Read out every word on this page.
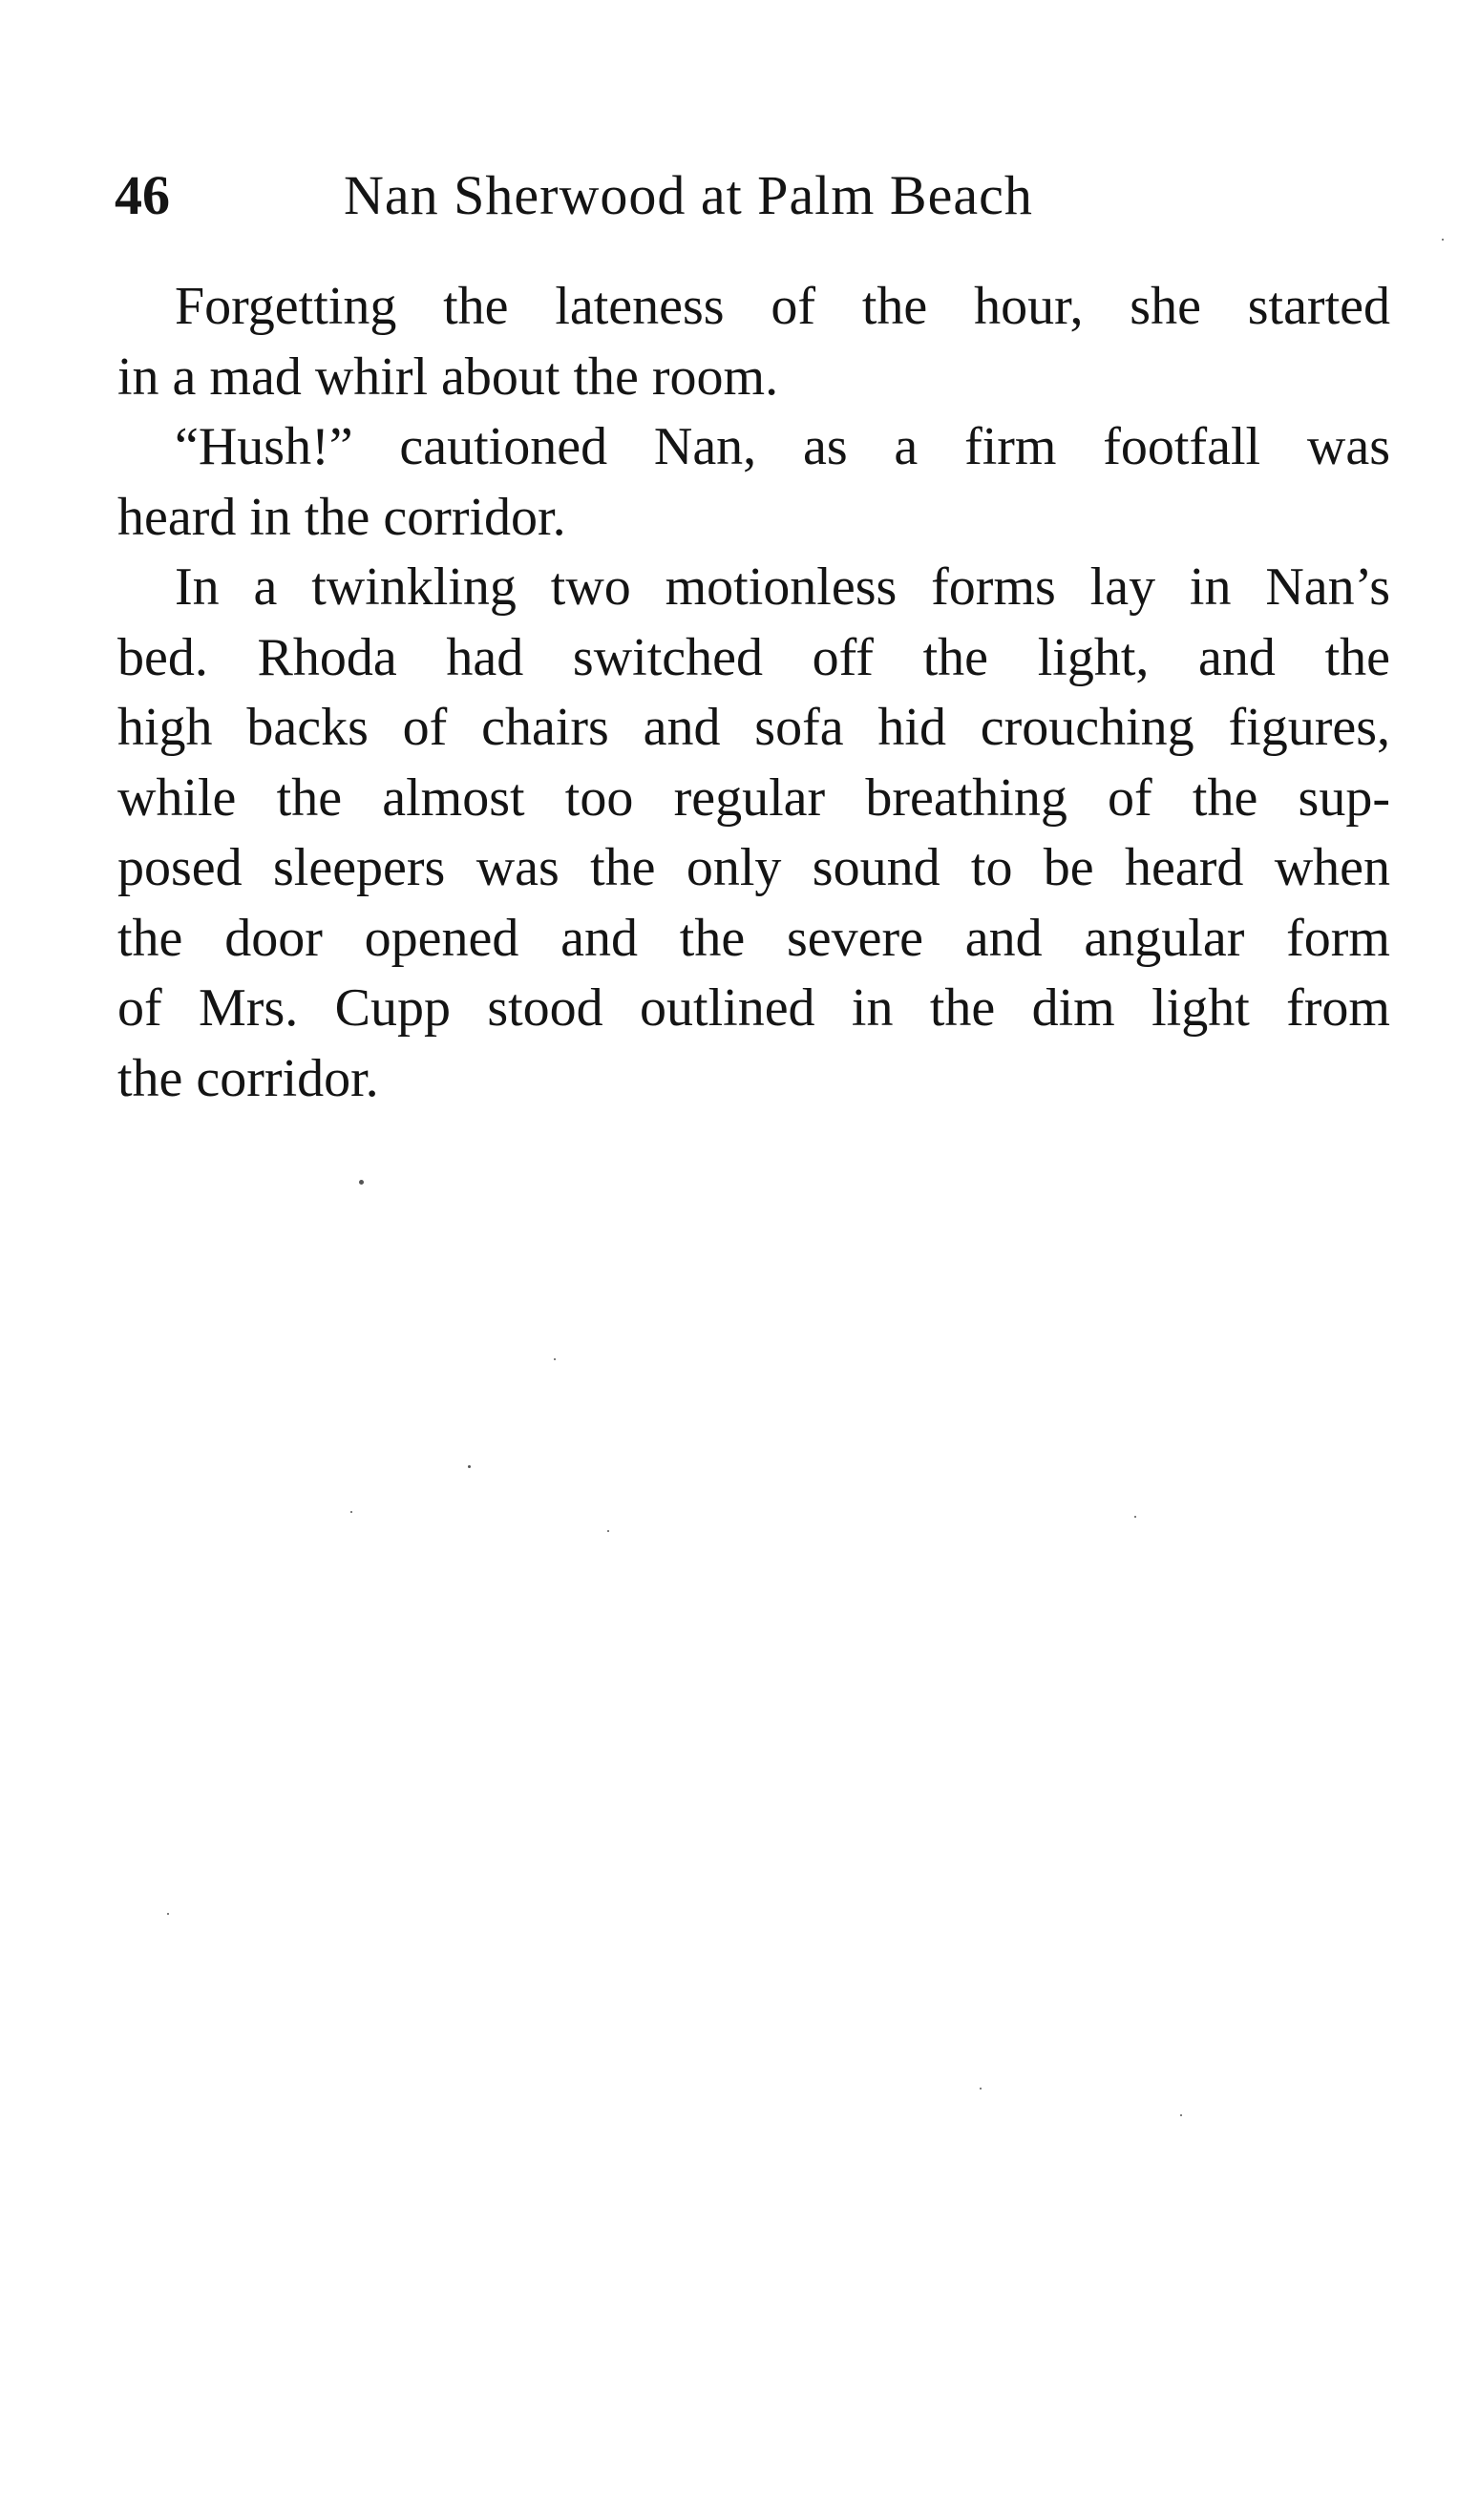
46	Nan Sherwood at Palm Beach

Forgetting the lateness of the hour, she started
in a mad whirl about the room.

“Hush!” cautioned Nan, as a firm footfall was
heard in the corridor.

In a twinkling two motionless forms lay in Nan’s
bed. Rhoda had switched off the light, and the
high backs of chairs and sofa hid crouching figures,
while the almost too regular breathing of the sup-
posed sleepers was the only sound to be heard when
the door opened and the severe and angular form
of Mrs. Cupp stood outlined in the dim light from
the corridor.
